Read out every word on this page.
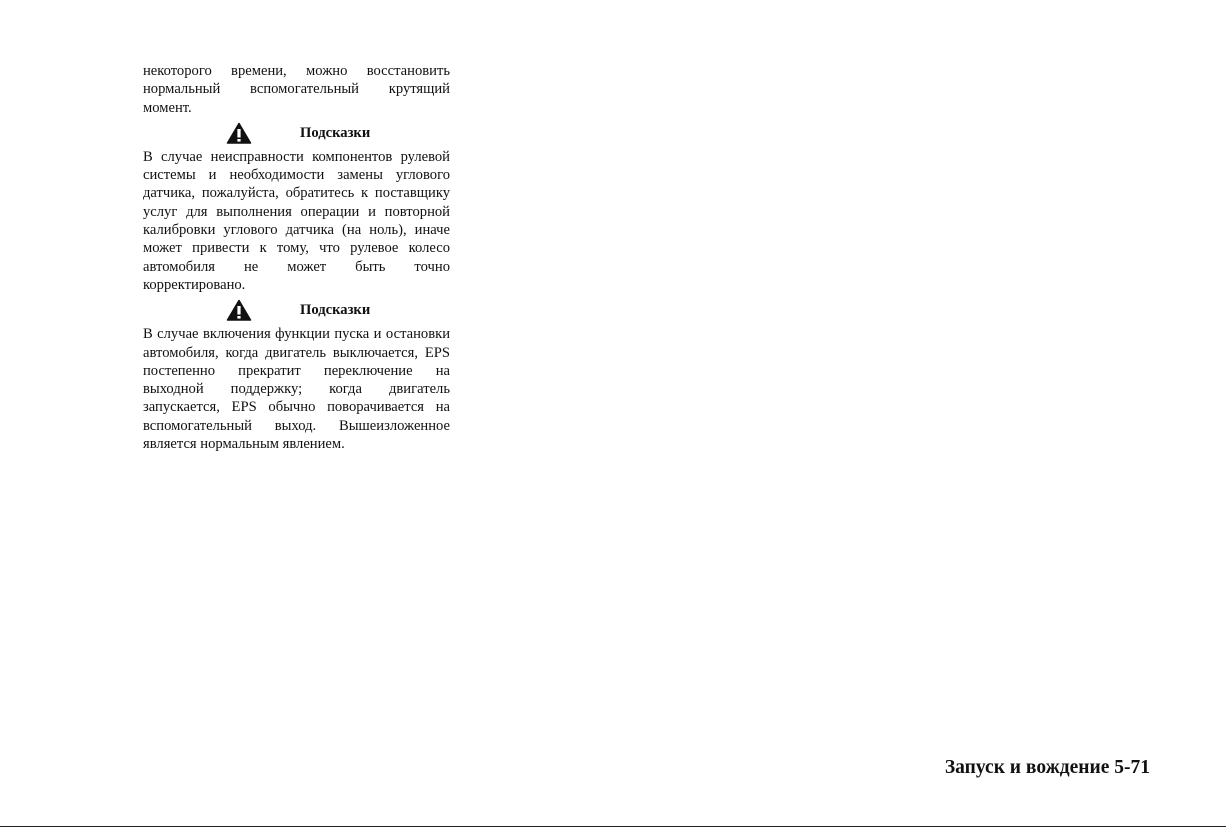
некоторого времени, можно восстановить нормальный вспомогательный крутящий момент.

Подсказки

В случае неисправности компонентов рулевой системы и необходимости замены углового датчика, пожалуйста, обратитесь к поставщику услуг для выполнения операции и повторной калибровки углового датчика (на ноль), иначе может привести к тому, что рулевое колесо автомобиля не может быть точно корректировано.

Подсказки

В случае включения функции пуска и остановки автомобиля, когда двигатель выключается, EPS постепенно прекратит переключение на выходной поддержку; когда двигатель запускается, EPS обычно поворачивается на вспомогательный выход. Вышеизложенное является нормальным явлением.

Запуск и вождение 5-71
